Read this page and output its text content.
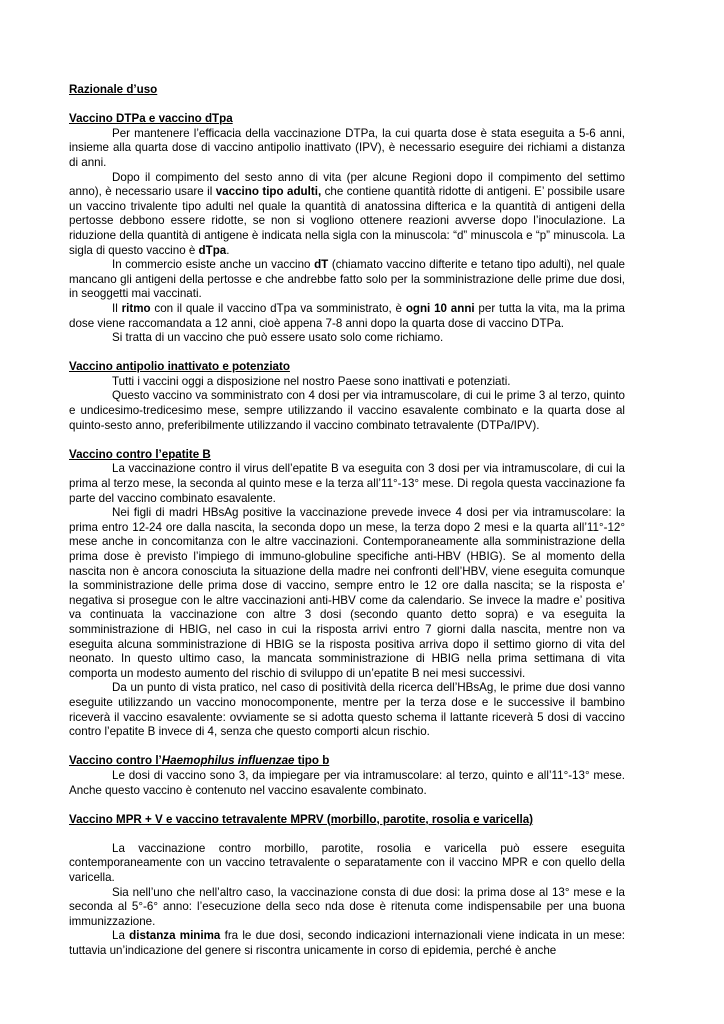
Razionale d’uso
Vaccino DTPa e vaccino dTpa

Per mantenere l’efficacia della vaccinazione DTPa, la cui quarta dose è stata eseguita a 5-6 anni, insieme alla quarta dose di vaccino antipolio inattivato (IPV), è necessario eseguire dei richiami a distanza di anni.

Dopo il compimento del sesto anno di vita (per alcune Regioni dopo il compimento del settimo anno), è necessario usare il vaccino tipo adulti, che contiene quantità ridotte di antigeni. E’ possibile usare un vaccino trivalente tipo adulti nel quale la quantità di anatossina difterica e la quantità di antigeni della pertosse debbono essere ridotte, se non si vogliono ottenere reazioni avverse dopo l’inoculazione. La riduzione della quantità di antigene è indicata nella sigla con la minuscola: “d” minuscola e “p” minuscola. La sigla di questo vaccino è dTpa.

In commercio esiste anche un vaccino dT (chiamato vaccino difterite e tetano tipo adulti), nel quale mancano gli antigeni della pertosse e che andrebbe fatto solo per la somministrazione delle prime due dosi, in seoggetti mai vaccinati.

Il ritmo con il quale il vaccino dTpa va somministrato, è ogni 10 anni per tutta la vita, ma la prima dose viene raccomandata a 12 anni, cioè appena 7-8 anni dopo la quarta dose di vaccino DTPa.

Si tratta di un vaccino che può essere usato solo come richiamo.

Vaccino antipolio inattivato e potenziato

Tutti i vaccini oggi a disposizione nel nostro Paese sono inattivati e potenziati.

Questo vaccino va somministrato con 4 dosi per via intramuscolare, di cui le prime 3 al terzo, quinto e undicesimo-tredicesimo mese, sempre utilizzando il vaccino esavalente combinato e la quarta dose al quinto-sesto anno, preferibilmente utilizzando il vaccino combinato tetravalente (DTPa/IPV).

Vaccino contro l’epatite B

La vaccinazione contro il virus dell’epatite B va eseguita con 3 dosi per via intramuscolare, di cui la prima al terzo mese, la seconda al quinto mese e la terza all’11°-13° mese. Di regola questa vaccinazione fa parte del vaccino combinato esavalente.

Nei figli di madri HBsAg positive la vaccinazione prevede invece 4 dosi per via intramuscolare: la prima entro 12-24 ore dalla nascita, la seconda dopo un mese, la terza dopo 2 mesi e la quarta all’11°-12° mese anche in concomitanza con le altre vaccinazioni. Contemporaneamente alla somministrazione della prima dose è previsto l’impiego di immuno-globuline specifiche anti-HBV (HBIG). Se al momento della nascita non è ancora conosciuta la situazione della madre nei confronti dell’HBV, viene eseguita comunque la somministrazione delle prima dose di vaccino, sempre entro le 12 ore dalla nascita; se la risposta e’ negativa si prosegue con le altre vaccinazioni anti-HBV come da calendario. Se invece la madre e’ positiva va continuata la vaccinazione con altre 3 dosi (secondo quanto detto sopra) e va eseguita la somministrazione di HBIG, nel caso in cui la risposta arrivi entro 7 giorni dalla nascita, mentre non va eseguita alcuna somministrazione di HBIG se la risposta positiva arriva dopo il settimo giorno di vita del neonato. In questo ultimo caso, la mancata somministrazione di HBIG nella prima settimana di vita comporta un modesto aumento del rischio di sviluppo di un’epatite B nei mesi successivi.

Da un punto di vista pratico, nel caso di positività della ricerca dell’HBsAg, le prime due dosi vanno eseguite utilizzando un vaccino monocomponente, mentre per la terza dose e le successive il bambino riceverà il vaccino esavalente: ovviamente se si adotta questo schema il lattante riceverà 5 dosi di vaccino contro l’epatite B invece di 4, senza che questo comporti alcun rischio.

Vaccino contro l’Haemophilus influenzae tipo b

Le dosi di vaccino sono 3, da impiegare per via intramuscolare: al terzo, quinto e all’11°-13° mese. Anche questo vaccino è contenuto nel vaccino esavalente combinato.

Vaccino MPR + V e vaccino tetravalente MPRV (morbillo, parotite, rosolia e varicella)

La vaccinazione contro morbillo, parotite, rosolia e varicella può essere eseguita contemporaneamente con un vaccino tetravalente o separatamente con il vaccino MPR e con quello della varicella.

Sia nell’uno che nell’altro caso, la vaccinazione consta di due dosi: la prima dose al 13° mese e la seconda al 5°-6° anno: l’esecuzione della seco nda dose è ritenuta come indispensabile per una buona immunizzazione.

La distanza minima fra le due dosi, secondo indicazioni internazionali viene indicata in un mese: tuttavia un’indicazione del genere si riscontra unicamente in corso di epidemia, perché è anche
